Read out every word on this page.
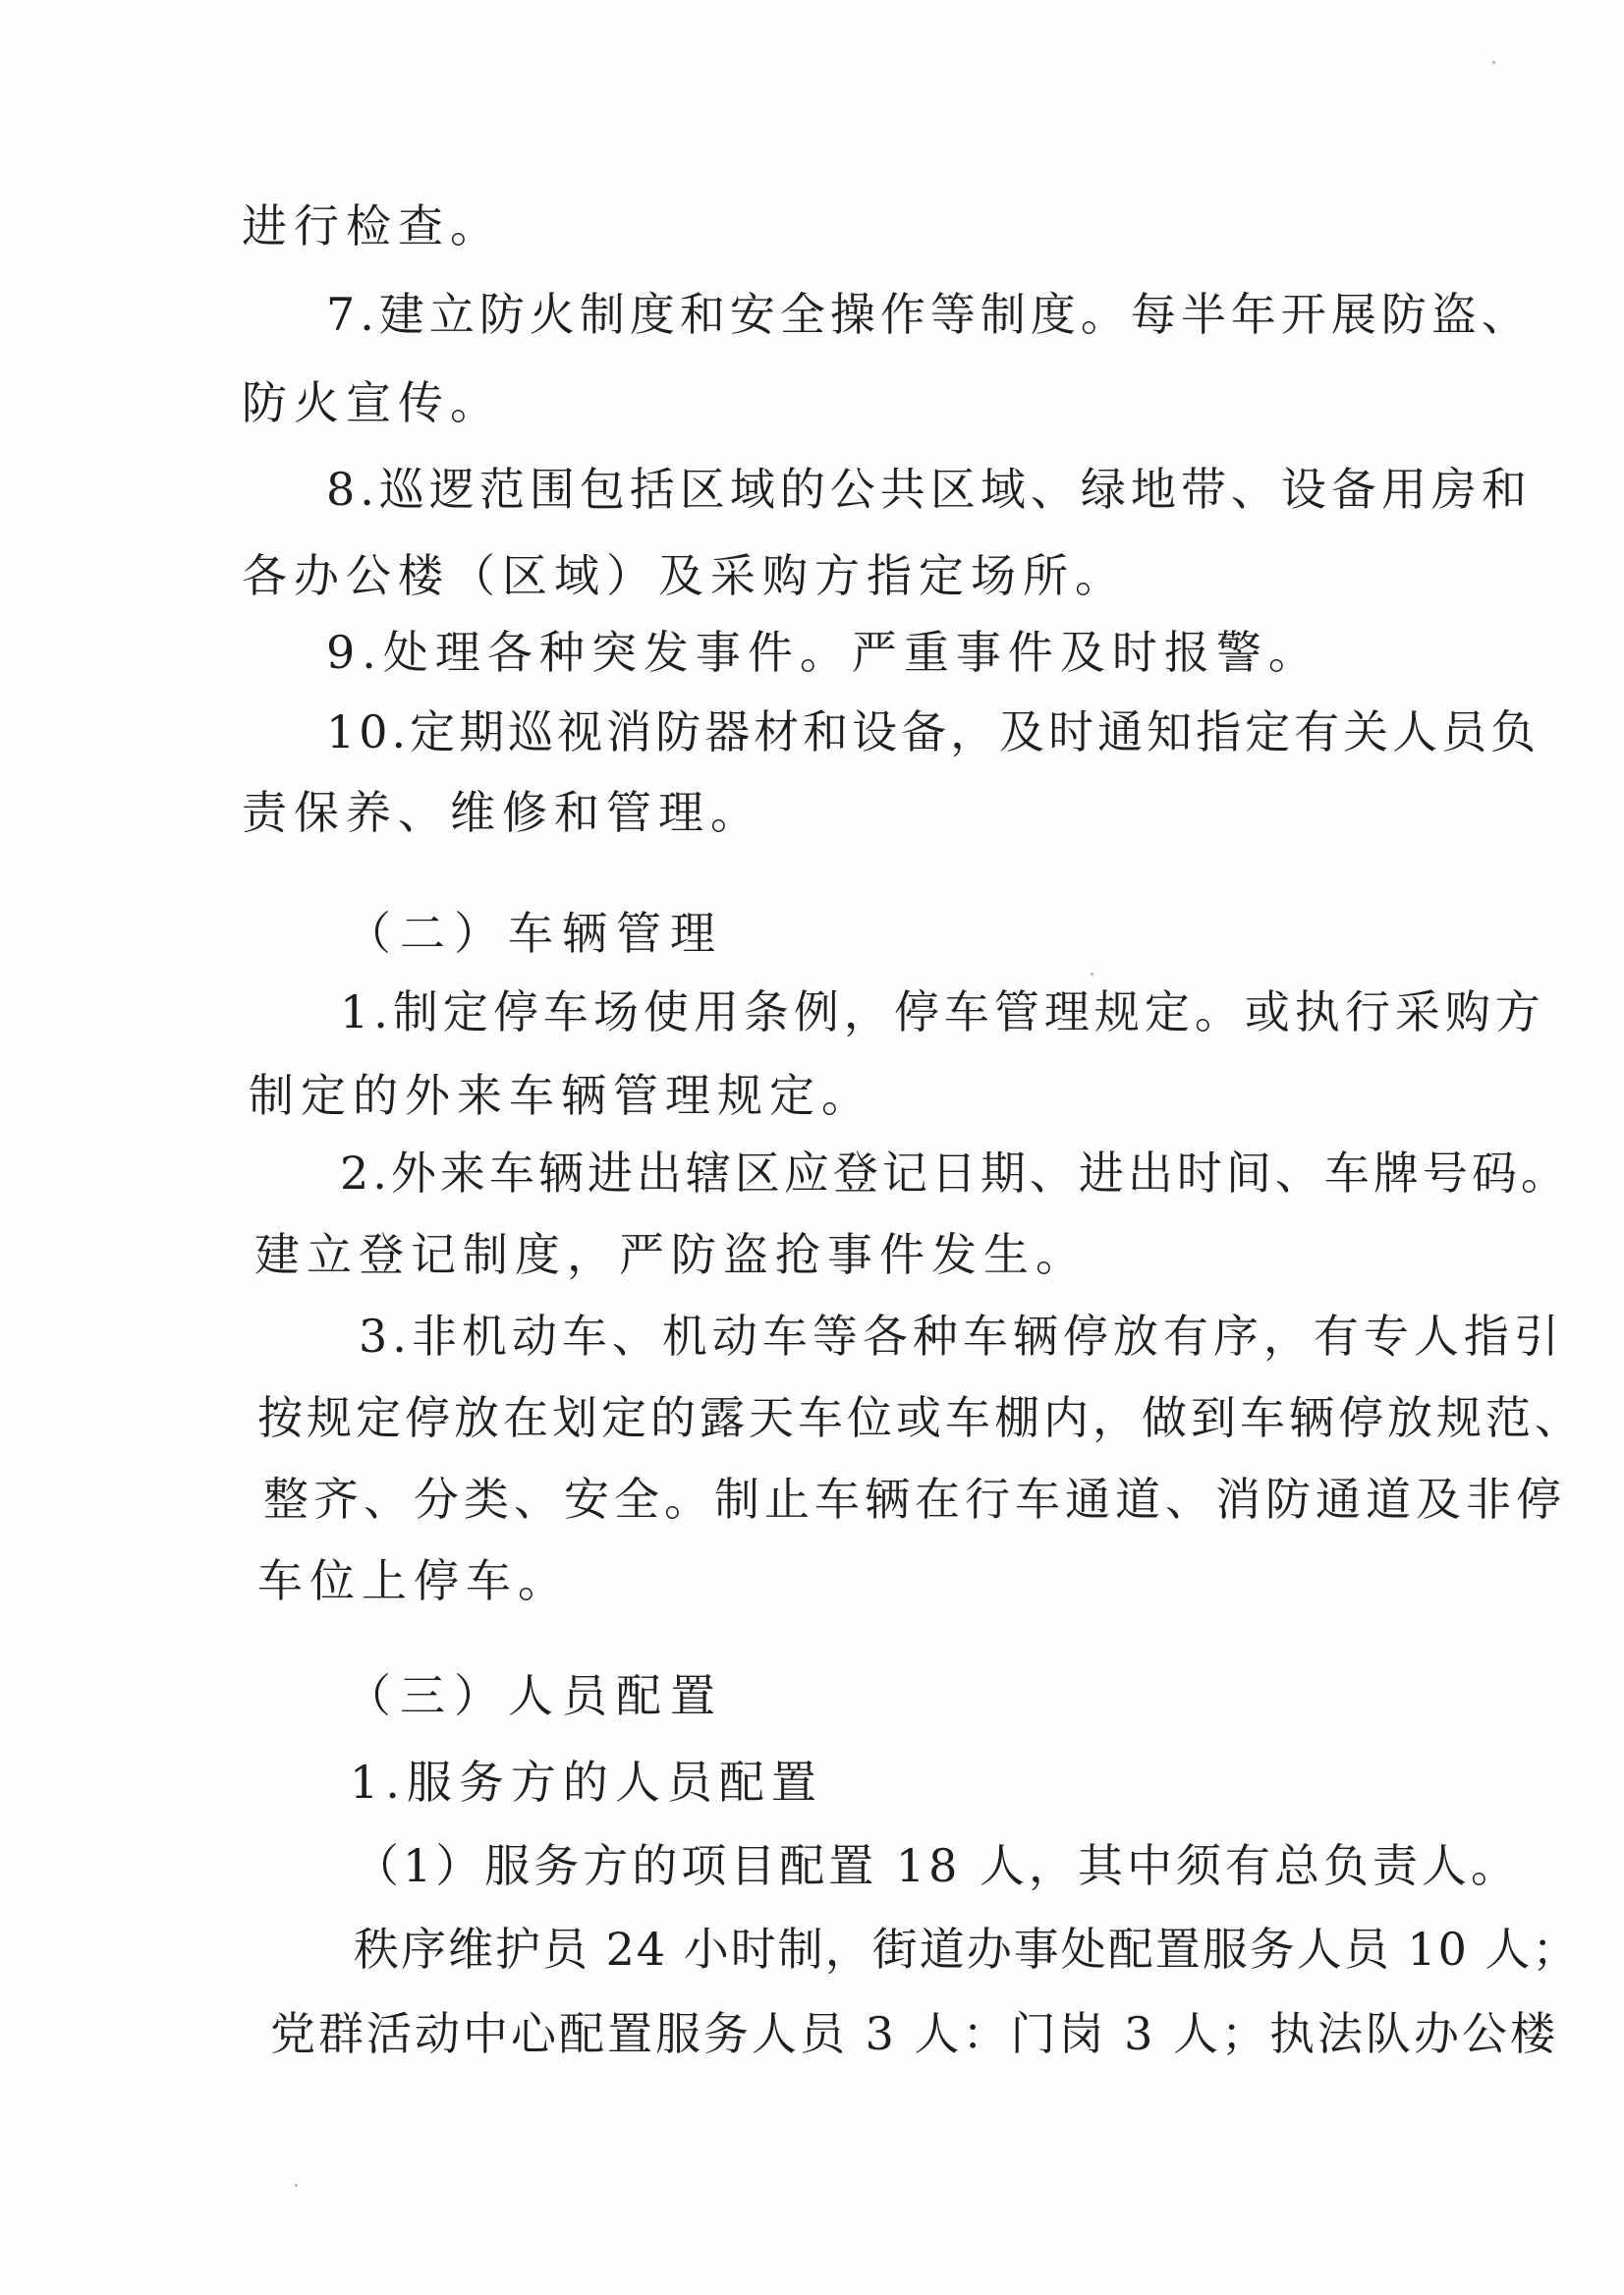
进行检查。
7.建立防火制度和安全操作等制度。每半年开展防盗、
防火宣传。
8.巡逻范围包括区域的公共区域、绿地带、设备用房和
各办公楼（区域）及采购方指定场所。
9.处理各种突发事件。严重事件及时报警。
10.定期巡视消防器材和设备，及时通知指定有关人员负
责保养、维修和管理。
（二）车辆管理
1.制定停车场使用条例，停车管理规定。或执行采购方
制定的外来车辆管理规定。
2.外来车辆进出辖区应登记日期、进出时间、车牌号码。
建立登记制度，严防盗抢事件发生。
3.非机动车、机动车等各种车辆停放有序，有专人指引
按规定停放在划定的露天车位或车棚内，做到车辆停放规范、
整齐、分类、安全。制止车辆在行车通道、消防通道及非停
车位上停车。
（三）人员配置
1.服务方的人员配置
（1）服务方的项目配置 18 人，其中须有总负责人。
秩序维护员 24 小时制，街道办事处配置服务人员 10 人；
党群活动中心配置服务人员 3 人：门岗 3 人；执法队办公楼
